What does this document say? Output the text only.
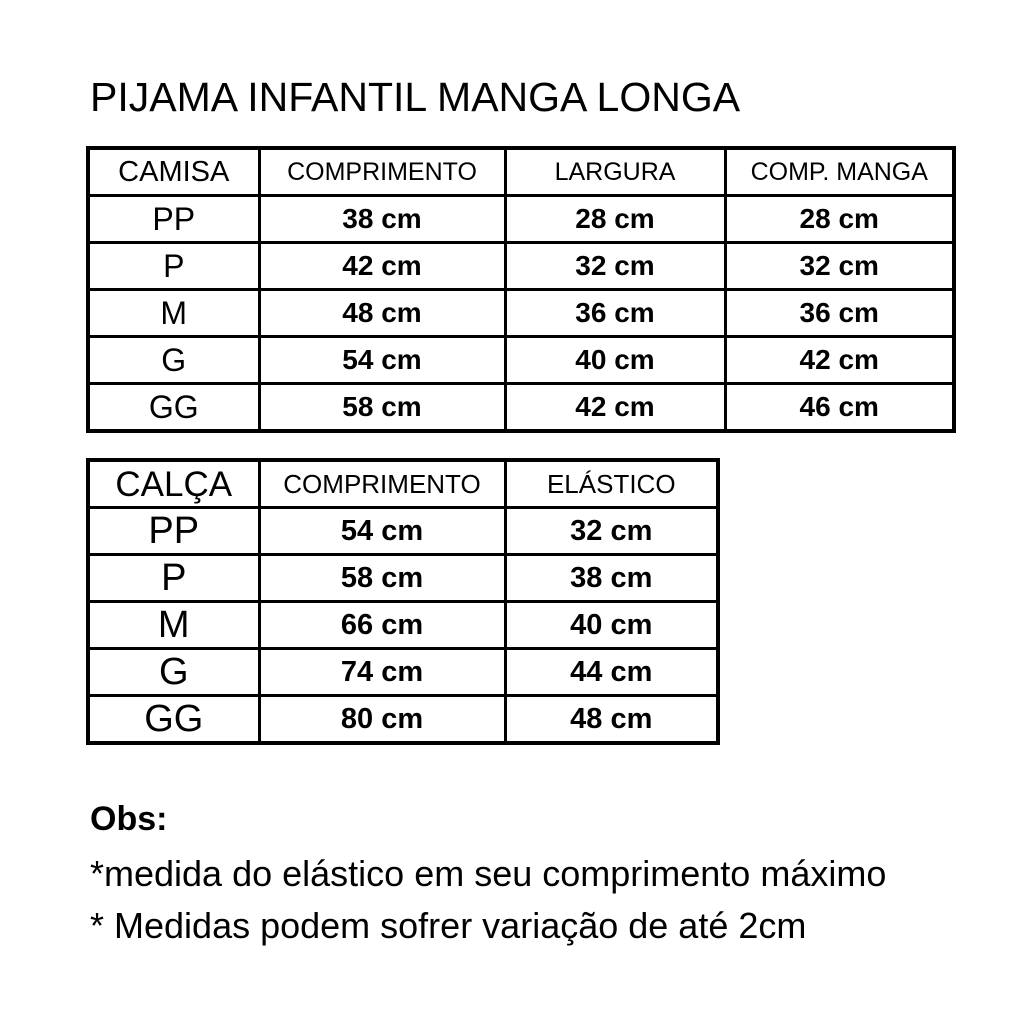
PIJAMA INFANTIL MANGA LONGA
CAMISA	COMPRIMENTO	LARGURA	COMP. MANGA
PP	38 cm	28 cm	28 cm
P	42 cm	32 cm	32 cm
M	48 cm	36 cm	36 cm
G	54 cm	40 cm	42 cm
GG	58 cm	42 cm	46 cm
CALÇA	COMPRIMENTO	ELÁSTICO
PP	54 cm	32 cm
P	58 cm	38 cm
M	66 cm	40 cm
G	74 cm	44 cm
GG	80 cm	48 cm

Obs:

*medida do elástico em seu comprimento máximo

* Medidas podem sofrer variação de até 2cm
